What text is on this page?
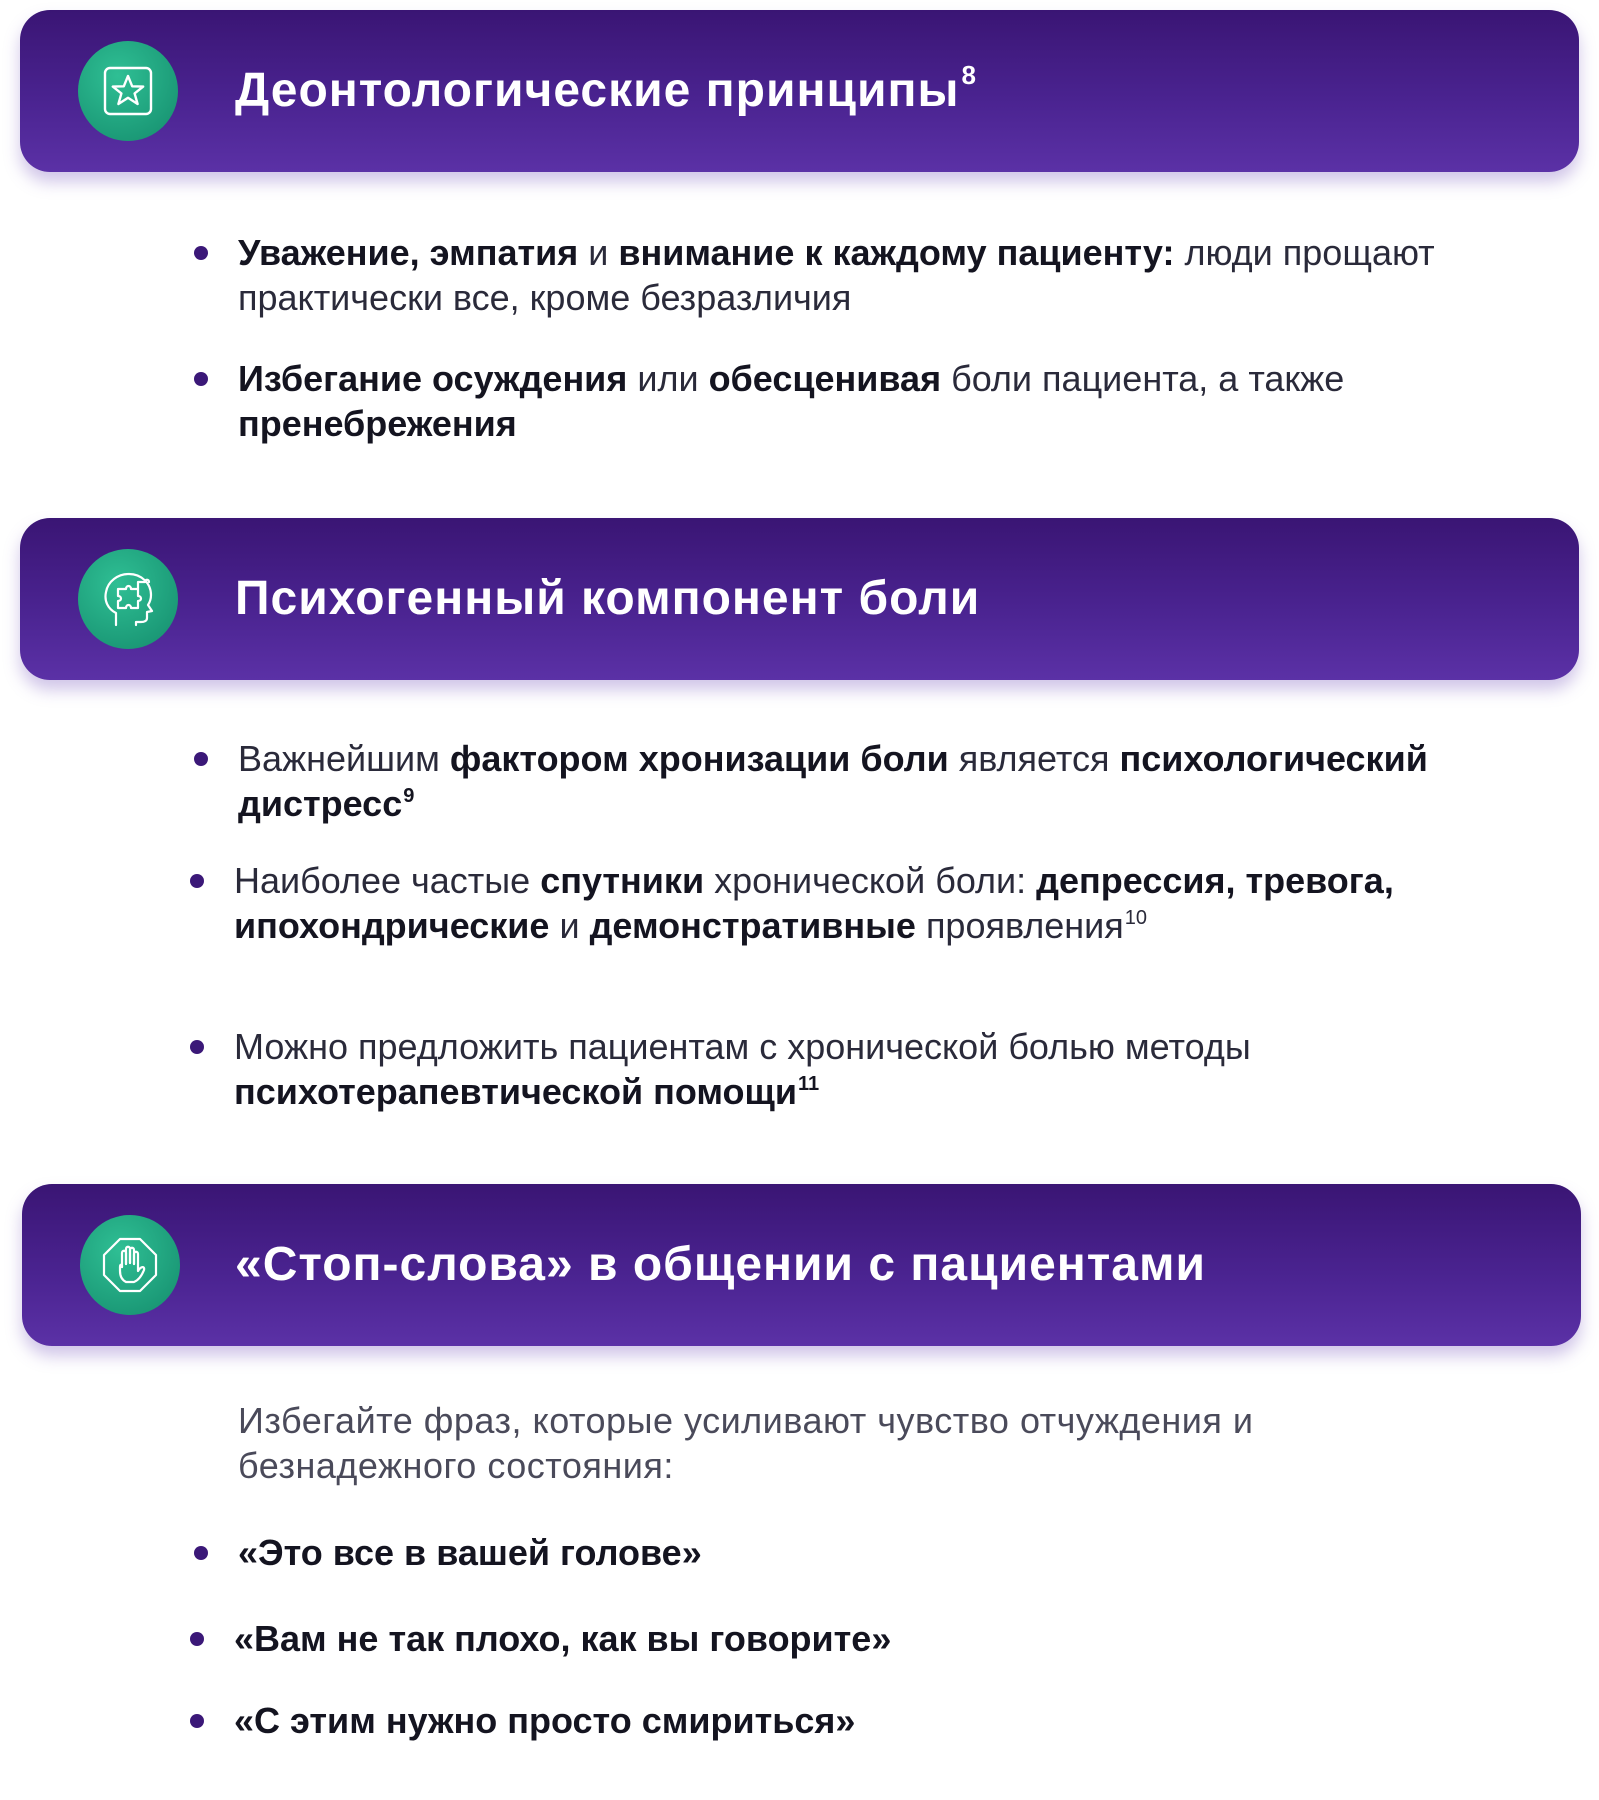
Деонтологические принципы$^8$
Уважение, эмпатия и внимание к каждому пациенту: люди прощают практически все, кроме безразличия
Избегание осуждения или обесценивая боли пациента, а также пренебрежения
Психогенный компонент боли
Важнейшим фактором хронизации боли является психологический дистресс$^9$
Наиболее частые спутники хронической боли: депрессия, тревога, ипохондрические и демонстративные проявления$^{10}$
Можно предложить пациентам с хронической болью методы психотерапевтической помощи$^{11}$
«Стоп-слова» в общении с пациентами
Избегайте фраз, которые усиливают чувство отчуждения и безнадежного состояния:
«Это все в вашей голове»
«Вам не так плохо, как вы говорите»
«С этим нужно просто смириться»
